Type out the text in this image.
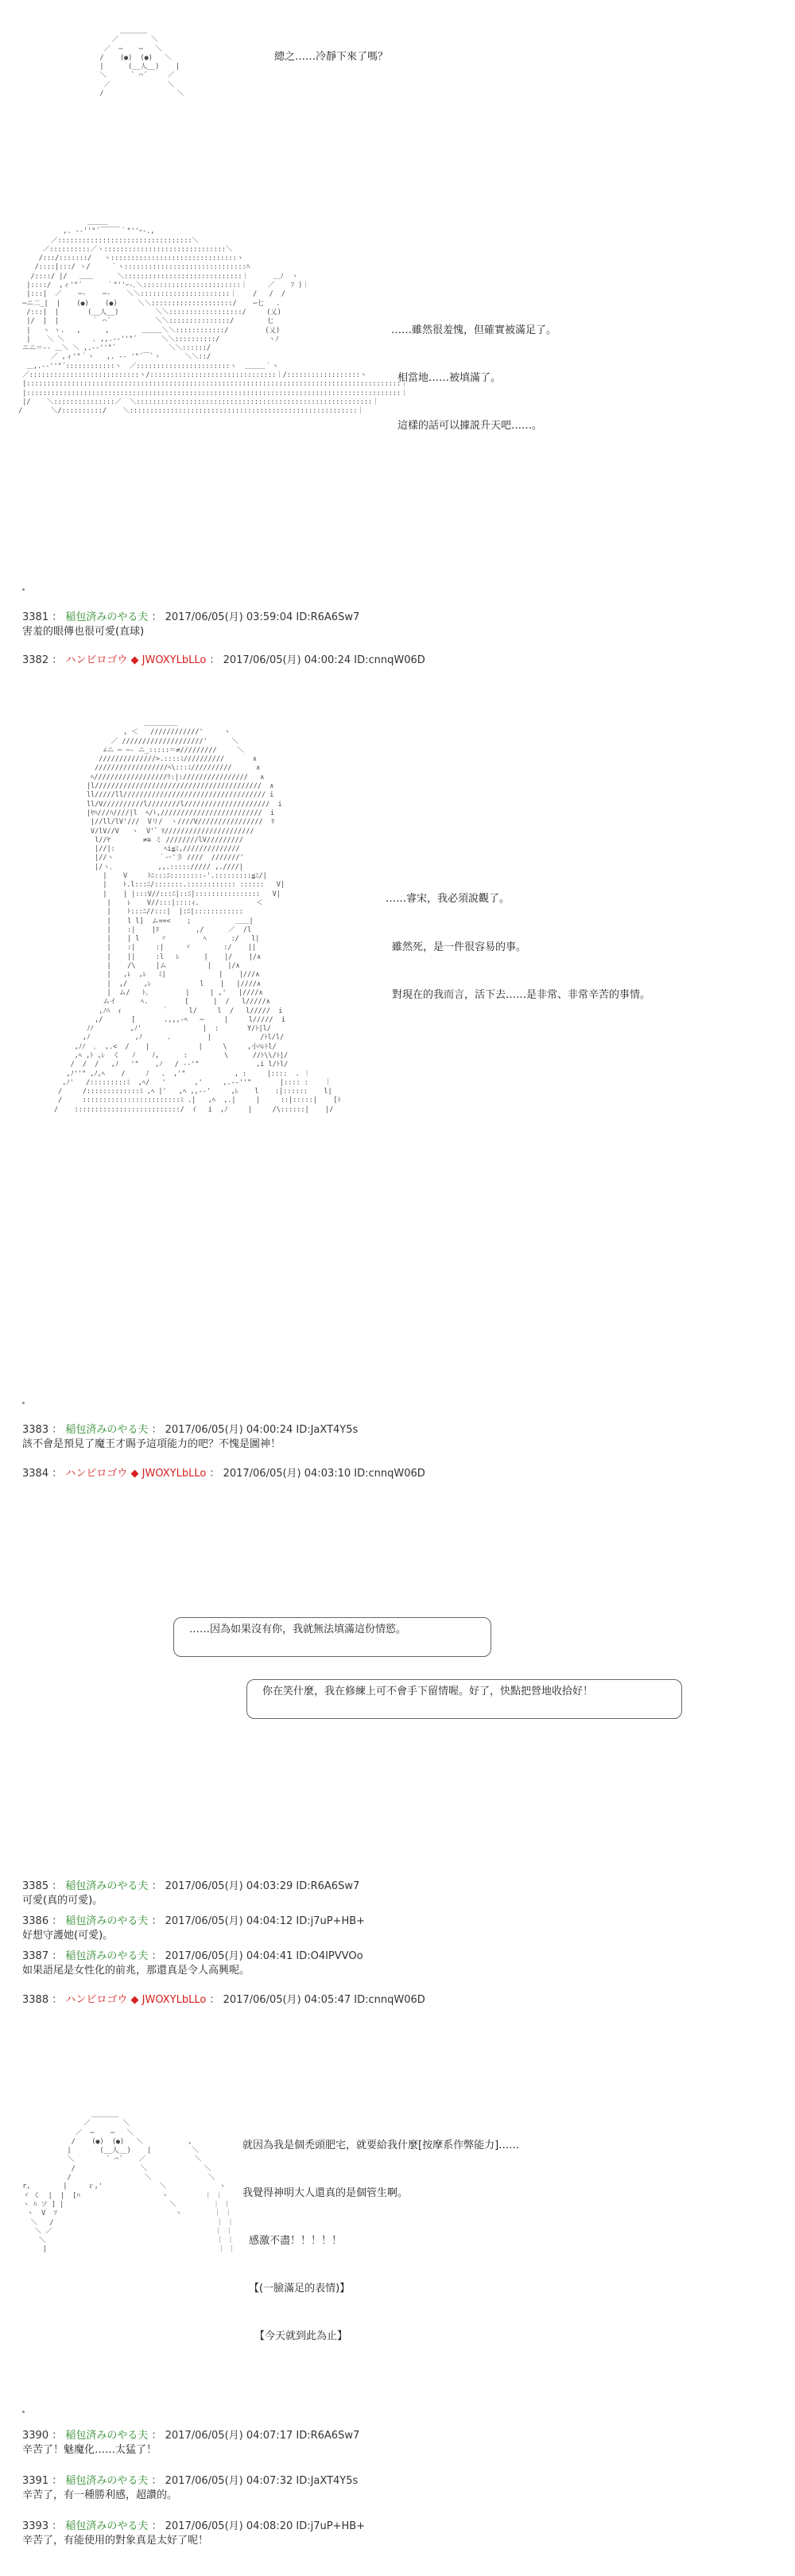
＿＿＿＿
／        ＼
／  ─    ─   ＼
/    (●)  (●)   ＼
|      (__人__)    |
＼      ` ⌒´     ／
／              ＼
/                  ＼
總之……冷靜下來了嗎？
＿＿＿
,. -‐''"´￣￣￣｀"''ｰ-.,
／:::::::::::::::::::::::::::::::::＼
／::::::::::／ヽ::::::::::::::::::::::::::::::＼
/:::/:::::::/   ヽ:::::::::::::::::::::::::::::::ヽ
/::::|:::/ ヽ/     ｀ヽ::::::::::::::::::::::::::::::ﾊ
/::::/ |/   ＿＿      ＼:::::::::::::::::::::::::::::｜      ＿ﾉ  ヽ
|::::/  ,ィ'"´      ｀"''ｰ-､＼::::::::::::::::::::::::｜     ／    ﾌ )｜
|:::|  ／    ─‐    ─‐    ＼＼::::::::::::::::::::::｜    /   /  /
─ニ二_|  |    (●)    (●)     ＼＼::::::::::::::::::::/    ─七   .
/:::|  |       (__人__)         ＼＼::::::::::::::::::/     (乂)
|/  |  |        ｀ ⌒´           ＼＼:::::::::::::::/        七
|   ヽ ヽ.   ,      ,        ＿＿＿＼＼::::::::::::/         (乂)
|    ＼ ＼       ､ ,,.-‐''"´      ＼＼::::::::::/            ヽﾉ
ニニ＝‐- ＿＼ ＼ ,.-‐''"´             ＼＼::::::/
／ ,ィ'"｀ヽ   ,. -‐ '"´￣`ヽ      ＼＼::/
＿,.-‐''"´::::::::::::ヽ  ／:::::::::::::::::::::::ヽ  ＿＿＿｀ヽ
／:::::::::::::::::::::::::::ヽ/:::::::::::::::::::::::::::::::｜/::::::::::::::::::ヽ
|::::::::::::::::::::::::::::::::::::::::::::::::::::::::::::::::::::::::::::::::::::::::::::｜
|::::::::::::::::::::::::::::::::::::::::::::::::::::::::::::::::::::::::::::::::::::::::::::｜
|/    ＼:::::::::::::::／  ＼::::::::::::::::::::::::::::::::::::::::::::::::::::::::::｜
/       ＼/::::::::::/    ＼::::::::::::::::::::::::::::::::::::::::::::::::::::::::｜
……雖然很羞愧，但確實被滿足了。
相當地……被填滿了。
這樣的話可以據説升天吧……。
3381 ： 稲包済みのやる夫 ： 2017/06/05(月) 03:59:04 ID:R6A6Sw7
害羞的眼傳也很可愛(直球)
3382 ： ハンビロゴウ ◆ JWOXYLbLLo ： 2017/06/05(月) 04:00:24 ID:cnnqW06D
＿＿＿＿＿
, ＜   ////////////'     ヽ
／ ////////////////////'      ＼
∠ニ ─ ─- ニ_:::::＝≠/////////     ＼
//////////////>.::::ﾐ//////////       ∧
//////////////////ﾍ\:::ﾐ//////////      ∧
ﾍ//////////////////ﾘ:|:////////////////   ∧
|l/////////////////////////////////////////  ∧
ll/////ll/////////////////////////////////// i
ll/V//////////l////////l/////////////////////  i
|ﾔﾊ///ﾊ////|l  ﾍ/ﾄ,/////////////////////////  i
|//ll/lV'///  Vリ/  ヽ////V////////////////  ﾘ
V/lV//V   ヽ  V'゛ﾘ//////////////////////
l//ﾔ        ≠≡ ミ ////////lV/////////
|//|:            ﾍi≦ﾐ,//////////////
|//ヽ           ｀ー'彡 ////  ///////'
|/ヽ､           ,,.:::::///// ,.////|
|    V     ﾄﾆ:::ﾆ::::::::-'.:::::::::≦ﾐ/|
|    ﾄ.l:::ﾆ/:::::::.:::::::::::: ::::::   V|
|    | |:::V//:::ﾆ|::ﾆ|::::::::::::::::   V|
|    ﾚ    V//:::|::::ｨ.              ＜
|    ﾄ:::ﾆ//:::|  |:ﾆ|::::::::::::
|    l l]  ム==<    ;           ＿＿|
|    :|    |ﾘ         ,/      ／  /l
|    | l     ヾ         ﾍ      :/   l|
|    :|     :|     ヾ        :/    ||
|    ||     :l   ﾚ      |    |/    |/∧
|    /\     |ム          |    |/∧
|   ,ﾚ  ,ﾚ   ﾐ|             |    |///∧
|  ,/    ,ﾚ            l    |   |////∧
|  ム/   ﾄ｡         |     | ,'   |////∧
ムイ      ﾍ.         [      |  /   l/////∧
,ﾉﾊ  ｨ          ｀     l/     l  /   l/////  i
,/       [       .,,,-ﾍ   ─     |     l/////  i
ﾉﾉ         ,ﾉ'               |  :       Y/ﾄ|l/
,ﾉ           ,ﾉ      .         |            /ﾄl/l/
,ﾉﾉ  ､  ,.<  /    |            |     \     ,小ﾊﾚﾄl/
,ﾍ ,ﾄ ,ﾚ  く   ﾉ    ﾉ,      :         \      //ﾄ\\/ﾄ|/
/  /  /   ,ﾉ   '"    ,ﾉ   / ‐‐'"              ,i l/ﾄl/
,ﾉ''" ,ﾉ,ﾍ    /     ﾉ   .  ,'"            , :     |::::  . ｜
,ﾉ'   /:::::::::ﾐ  ,ﾍ/   '       ,'     ,.-‐''"       |:::: :    ｜
/     /:::::::::::::ﾐ ,ﾍ |'   ,ﾍ ,,-‐'     ,ﾚ    l    :|::::::    l|
/     ::::::::::::::::::::::::ﾐ .|   ,ﾍ  ,.|     |     ::|:::::|    [ﾄ
/    ::::::::::::::::::::::::::/  ｲ   i  ,ﾉ     |     /\::::::|    |/
……睿宋，我必須說觀了。
雖然死，是一件很容易的事。
對現在的我而言，活下去……是非常、非常辛苦的事情。
3383 ： 稲包済みのやる夫 ： 2017/06/05(月) 04:00:24 ID:JaXT4Y5s
該不會是預見了魔王才賜予這項能力的吧？不愧是圖神！
3384 ： ハンビロゴウ ◆ JWOXYLbLLo ： 2017/06/05(月) 04:03:10 ID:cnnqW06D
……因為如果沒有你，我就無法填滿這份情慾。
你在笑什麼，我在修練上可不會手下留情喔。好了，快點把營地收拾好！
3385 ： 稲包済みのやる夫 ： 2017/06/05(月) 04:03:29 ID:R6A6Sw7
可愛(真的可愛)。
3386 ： 稲包済みのやる夫 ： 2017/06/05(月) 04:04:12 ID:j7uP+HB+
好想守護她(可愛)。
3387 ： 稲包済みのやる夫 ： 2017/06/05(月) 04:04:41 ID:O4IPVVOo
如果語尾是女性化的前兆，那還真是令人高興呢。
3388 ： ハンビロゴウ ◆ JWOXYLbLLo ： 2017/06/05(月) 04:05:47 ID:cnnqW06D
＿＿＿＿
／        ＼
／  ─    ─   ＼
/    (●)  (●)   ＼           ,
|       (__人__)    |          ＼
＼        ` ⌒´    ／            ＼
/                ＼              ＼
/                  ＼              ＼
r,        |     ｒ,'              ＼             ヽ
ヾ く  |  |  [ﾊ                    ヽ         ｜ ｜
ヽ ﾊ ソ ] |                          ＼         ｜ ｜
ヽ  V  ｿ                             ヽ        ｜ ｜
＼   /                                        ｜ ｜
＼ ／                                        ｜ ｜
＼                                          ｜ ｜
|                                          ｜ ｜
就因為我是個禿頭肥宅，就要給我什麼[按摩系作弊能力]……
我覺得神明大人還真的是個管生啊。
感激不盡！！！！！
【(一臉滿足的表情)】
【今天就到此為止】
3390 ： 稲包済みのやる夫 ： 2017/06/05(月) 04:07:17 ID:R6A6Sw7
辛苦了！魅魔化……太猛了！
3391 ： 稲包済みのやる夫 ： 2017/06/05(月) 04:07:32 ID:JaXT4Y5s
辛苦了，有一種勝利感，超讚的。
3393 ： 稲包済みのやる夫 ： 2017/06/05(月) 04:08:20 ID:j7uP+HB+
辛苦了，有能使用的對象真是太好了呢！
